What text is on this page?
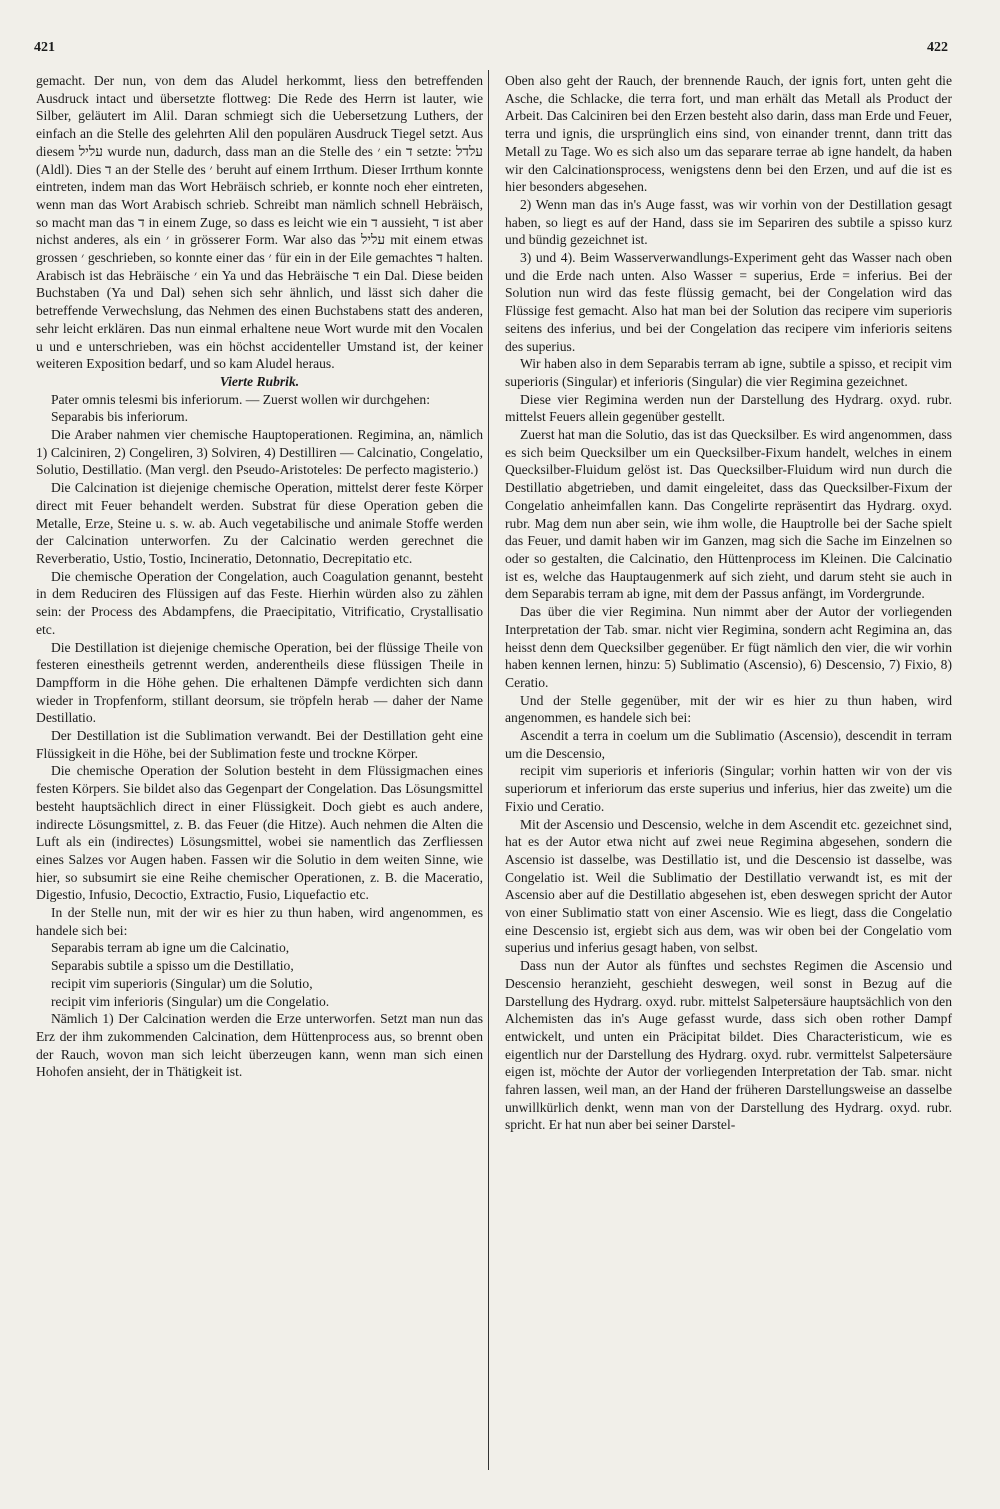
421	422

gemacht. Der nun, von dem das Aludel herkommt, liess den betreffenden Ausdruck intact und übersetzte flottweg: Die Rede des Herrn ist lauter, wie Silber, geläutert im Alil. Daran schmiegt sich die Uebersetzung Luthers, der einfach an die Stelle des gelehrten Alil den populären Ausdruck Tiegel setzt. Aus diesem עליל wurde nun, dadurch, dass man an die Stelle des ׳ ein ד setzte: עלדל (Aldl). Dies ד an der Stelle des ׳ beruht auf einem Irrthum. Dieser Irrthum konnte eintreten, indem man das Wort Hebräisch schrieb, er konnte noch eher eintreten, wenn man das Wort Arabisch schrieb. Schreibt man nämlich schnell Hebräisch, so macht man das ד in einem Zuge, so dass es leicht wie ein ד aussieht, ד ist aber nichst anderes, als ein ׳ in grösserer Form. War also das עליל mit einem etwas grossen ׳ geschrieben, so konnte einer das ׳ für ein in der Eile gemachtes ד halten. Arabisch ist das Hebräische ׳ ein Ya und das Hebräische ד ein Dal. Diese beiden Buchstaben (Ya und Dal) sehen sich sehr ähnlich, und lässt sich daher die betreffende Verwechslung, das Nehmen des einen Buchstabens statt des anderen, sehr leicht erklären. Das nun einmal erhaltene neue Wort wurde mit den Vocalen u und e unterschrieben, was ein höchst accidenteller Umstand ist, der keiner weiteren Exposition bedarf, und so kam Aludel heraus.

Vierte Rubrik.

Pater omnis telesmi bis inferiorum. — Zuerst wollen wir durchgehen:

Separabis bis inferiorum.

Die Araber nahmen vier chemische Hauptoperationen. Regimina, an, nämlich 1) Calciniren, 2) Congeliren, 3) Solviren, 4) Destilliren — Calcinatio, Congelatio, Solutio, Destillatio. (Man vergl. den Pseudo-Aristoteles: De perfecto magisterio.)

Die Calcination ist diejenige chemische Operation, mittelst derer feste Körper direct mit Feuer behandelt werden. Substrat für diese Operation geben die Metalle, Erze, Steine u. s. w. ab. Auch vegetabilische und animale Stoffe werden der Calcination unterworfen. Zu der Calcinatio werden gerechnet die Reverberatio, Ustio, Tostio, Incineratio, Detonnatio, Decrepitatio etc.

Die chemische Operation der Congelation, auch Coagulation genannt, besteht in dem Reduciren des Flüssigen auf das Feste. Hierhin würden also zu zählen sein: der Process des Abdampfens, die Praecipitatio, Vitrificatio, Crystallisatio etc.

Die Destillation ist diejenige chemische Operation, bei der flüssige Theile von festeren einestheils getrennt werden, anderentheils diese flüssigen Theile in Dampfform in die Höhe gehen. Die erhaltenen Dämpfe verdichten sich dann wieder in Tropfenform, stillant deorsum, sie tröpfeln herab — daher der Name Destillatio.

Der Destillation ist die Sublimation verwandt. Bei der Destillation geht eine Flüssigkeit in die Höhe, bei der Sublimation feste und trockne Körper.

Die chemische Operation der Solution besteht in dem Flüssigmachen eines festen Körpers. Sie bildet also das Gegenpart der Congelation. Das Lösungsmittel besteht hauptsächlich direct in einer Flüssigkeit. Doch giebt es auch andere, indirecte Lösungsmittel, z. B. das Feuer (die Hitze). Auch nehmen die Alten die Luft als ein (indirectes) Lösungsmittel, wobei sie namentlich das Zerfliessen eines Salzes vor Augen haben. Fassen wir die Solutio in dem weiten Sinne, wie hier, so subsumirt sie eine Reihe chemischer Operationen, z. B. die Maceratio, Digestio, Infusio, Decoctio, Extractio, Fusio, Liquefactio etc.

In der Stelle nun, mit der wir es hier zu thun haben, wird angenommen, es handele sich bei:

Separabis terram ab igne um die Calcinatio,

Separabis subtile a spisso um die Destillatio,

recipit vim superioris (Singular) um die Solutio,

recipit vim inferioris (Singular) um die Congelatio.

Nämlich 1) Der Calcination werden die Erze unterworfen. Setzt man nun das Erz der ihm zukommenden Calcination, dem Hüttenprocess aus, so brennt oben der Rauch, wovon man sich leicht überzeugen kann, wenn man sich einen Hohofen ansieht, der in Thätigkeit ist.

Oben also geht der Rauch, der brennende Rauch, der ignis fort, unten geht die Asche, die Schlacke, die terra fort, und man erhält das Metall als Product der Arbeit. Das Calciniren bei den Erzen besteht also darin, dass man Erde und Feuer, terra und ignis, die ursprünglich eins sind, von einander trennt, dann tritt das Metall zu Tage. Wo es sich also um das separare terrae ab igne handelt, da haben wir den Calcinationsprocess, wenigstens denn bei den Erzen, und auf die ist es hier besonders abgesehen.

2) Wenn man das in's Auge fasst, was wir vorhin von der Destillation gesagt haben, so liegt es auf der Hand, dass sie im Separiren des subtile a spisso kurz und bündig gezeichnet ist.

3) und 4). Beim Wasserverwandlungs-Experiment geht das Wasser nach oben und die Erde nach unten. Also Wasser = superius, Erde = inferius. Bei der Solution nun wird das feste flüssig gemacht, bei der Congelation wird das Flüssige fest gemacht. Also hat man bei der Solution das recipere vim superioris seitens des inferius, und bei der Congelation das recipere vim inferioris seitens des superius.

Wir haben also in dem Separabis terram ab igne, subtile a spisso, et recipit vim superioris (Singular) et inferioris (Singular) die vier Regimina gezeichnet.

Diese vier Regimina werden nun der Darstellung des Hydrarg. oxyd. rubr. mittelst Feuers allein gegenüber gestellt.

Zuerst hat man die Solutio, das ist das Quecksilber. Es wird angenommen, dass es sich beim Quecksilber um ein Quecksilber-Fixum handelt, welches in einem Quecksilber-Fluidum gelöst ist. Das Quecksilber-Fluidum wird nun durch die Destillatio abgetrieben, und damit eingeleitet, dass das Quecksilber-Fixum der Congelatio anheimfallen kann. Das Congelirte repräsentirt das Hydrarg. oxyd. rubr. Mag dem nun aber sein, wie ihm wolle, die Hauptrolle bei der Sache spielt das Feuer, und damit haben wir im Ganzen, mag sich die Sache im Einzelnen so oder so gestalten, die Calcinatio, den Hüttenprocess im Kleinen. Die Calcinatio ist es, welche das Hauptaugenmerk auf sich zieht, und darum steht sie auch in dem Separabis terram ab igne, mit dem der Passus anfängt, im Vordergrunde.

Das über die vier Regimina. Nun nimmt aber der Autor der vorliegenden Interpretation der Tab. smar. nicht vier Regimina, sondern acht Regimina an, das heisst denn dem Quecksilber gegenüber. Er fügt nämlich den vier, die wir vorhin haben kennen lernen, hinzu: 5) Sublimatio (Ascensio), 6) Descensio, 7) Fixio, 8) Ceratio.

Und der Stelle gegenüber, mit der wir es hier zu thun haben, wird angenommen, es handele sich bei:

Ascendit a terra in coelum um die Sublimatio (Ascensio), descendit in terram um die Descensio,

recipit vim superioris et inferioris (Singular; vorhin hatten wir von der vis superiorum et inferiorum das erste superius und inferius, hier das zweite) um die Fixio und Ceratio.

Mit der Ascensio und Descensio, welche in dem Ascendit etc. gezeichnet sind, hat es der Autor etwa nicht auf zwei neue Regimina abgesehen, sondern die Ascensio ist dasselbe, was Destillatio ist, und die Descensio ist dasselbe, was Congelatio ist. Weil die Sublimatio der Destillatio verwandt ist, es mit der Ascensio aber auf die Destillatio abgesehen ist, eben deswegen spricht der Autor von einer Sublimatio statt von einer Ascensio. Wie es liegt, dass die Congelatio eine Descensio ist, ergiebt sich aus dem, was wir oben bei der Congelatio vom superius und inferius gesagt haben, von selbst.

Dass nun der Autor als fünftes und sechstes Regimen die Ascensio und Descensio heranzieht, geschieht deswegen, weil sonst in Bezug auf die Darstellung des Hydrarg. oxyd. rubr. mittelst Salpetersäure hauptsächlich von den Alchemisten das in's Auge gefasst wurde, dass sich oben rother Dampf entwickelt, und unten ein Präcipitat bildet. Dies Characteristicum, wie es eigentlich nur der Darstellung des Hydrarg. oxyd. rubr. vermittelst Salpetersäure eigen ist, möchte der Autor der vorliegenden Interpretation der Tab. smar. nicht fahren lassen, weil man, an der Hand der früheren Darstellungsweise an dasselbe unwillkürlich denkt, wenn man von der Darstellung des Hydrarg. oxyd. rubr. spricht. Er hat nun aber bei seiner Darstel-
